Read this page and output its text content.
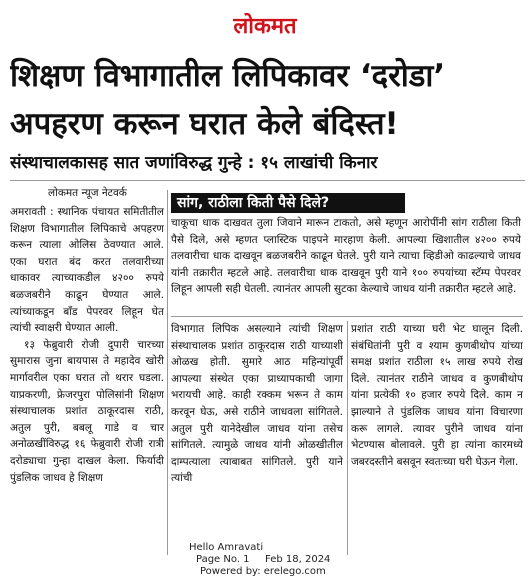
लोकमत
शिक्षण विभागातील लिपिकावर ‘दरोडा’
अपहरण करून घरात केले बंदिस्त!
संस्थाचालकासह सात जणांविरुद्ध गुन्हे : १५ लाखांची किनार
लोकमत न्यूज नेटवर्क

अमरावती : स्थानिक पंचायत समितीतील शिक्षण विभागातील लिपिकाचे अपहरण करून त्याला ओलिस ठेवण्यात आले. एका घरात बंद करत तलवारीच्या धाकावर त्याच्याकडील ४२०० रुपये बळजबरीने काढून घेण्यात आले. त्यांच्याकडून बाँड पेपरवर लिहून घेत त्यांची स्वाक्षरी घेण्यात आली.

१३ फेब्रुवारी रोजी दुपारी चारच्या सुमारास जुना बायपास ते महादेव खोरी मार्गावरील एका घरात तो थरार घडला. याप्रकरणी, फ्रेजरपुरा पोलिसांनी शिक्षण संस्थाचालक प्रशांत ठाकूरदास राठी, अतुल पुरी, बबलू गाडे व चार अनोळखींविरुद्ध १६ फेब्रुवारी रोजी रात्री दरोड्याचा गुन्हा दाखल केला. फिर्यादी पुंडलिक जाधव हे शिक्षण

सांग, राठीला किती पैसे दिले?
चाकूचा धाक दाखवत तुला जिवाने मारून टाकतो, असे म्हणून आरोपींनी सांग राठीला किती पैसे दिले, असे म्हणत प्लास्टिक पाइपने मारहाण केली. आपल्या खिशातील ४२०० रुपये तलवारीचा धाक दाखवून बळजबरीने काढून घेतले. पुरी याने त्याचा व्हिडीओ काढल्याचे जाधव यांनी तक्रारीत म्हटले आहे. तलवारीचा धाक दाखवून पुरी याने १०० रुपयांच्या स्टॅम्प पेपरवर लिहून आपली सही घेतली. त्यानंतर आपली सुटका केल्याचे जाधव यांनी तक्रारीत म्हटले आहे.
विभागात लिपिक असल्याने त्यांची शिक्षण संस्थाचालक प्रशांत ठाकूरदास राठी याच्याशी ओळख होती. सुमारे आठ महिन्यांपूर्वी आपल्या संस्थेत एका प्राध्यापकाची जागा भरायची आहे. काही रक्कम भरून ते काम करवून घेऊ, असे राठीने जाधवला सांगितले. अतुल पुरी यानेदेखील जाधव यांना तसेच सांगितले. त्यामुळे जाधव यांनी ओळखीतील दाम्पत्याला त्याबाबत सांगितले. पुरी याने त्यांची
प्रशांत राठी याच्या घरी भेट घालून दिली. संबंधितांनी पुरी व श्याम कुणबीथोप यांच्या समक्ष प्रशांत राठीला १५ लाख रुपये रोख दिले. त्यानंतर राठीने जाधव व कुणबीथोप यांना प्रत्येकी १० हजार रुपये दिले. काम न झाल्याने ते पुंडलिक जाधव यांना विचारणा करू लागले. त्यावर पुरीने जाधव यांना भेटण्यास बोलावले. पुरी हा त्यांना कारमध्ये जबरदस्तीने बसवून स्वतःच्या घरी घेऊन गेला.
Hello Amravati
Page No. 1 Feb 18, 2024
Powered by: erelego.com
